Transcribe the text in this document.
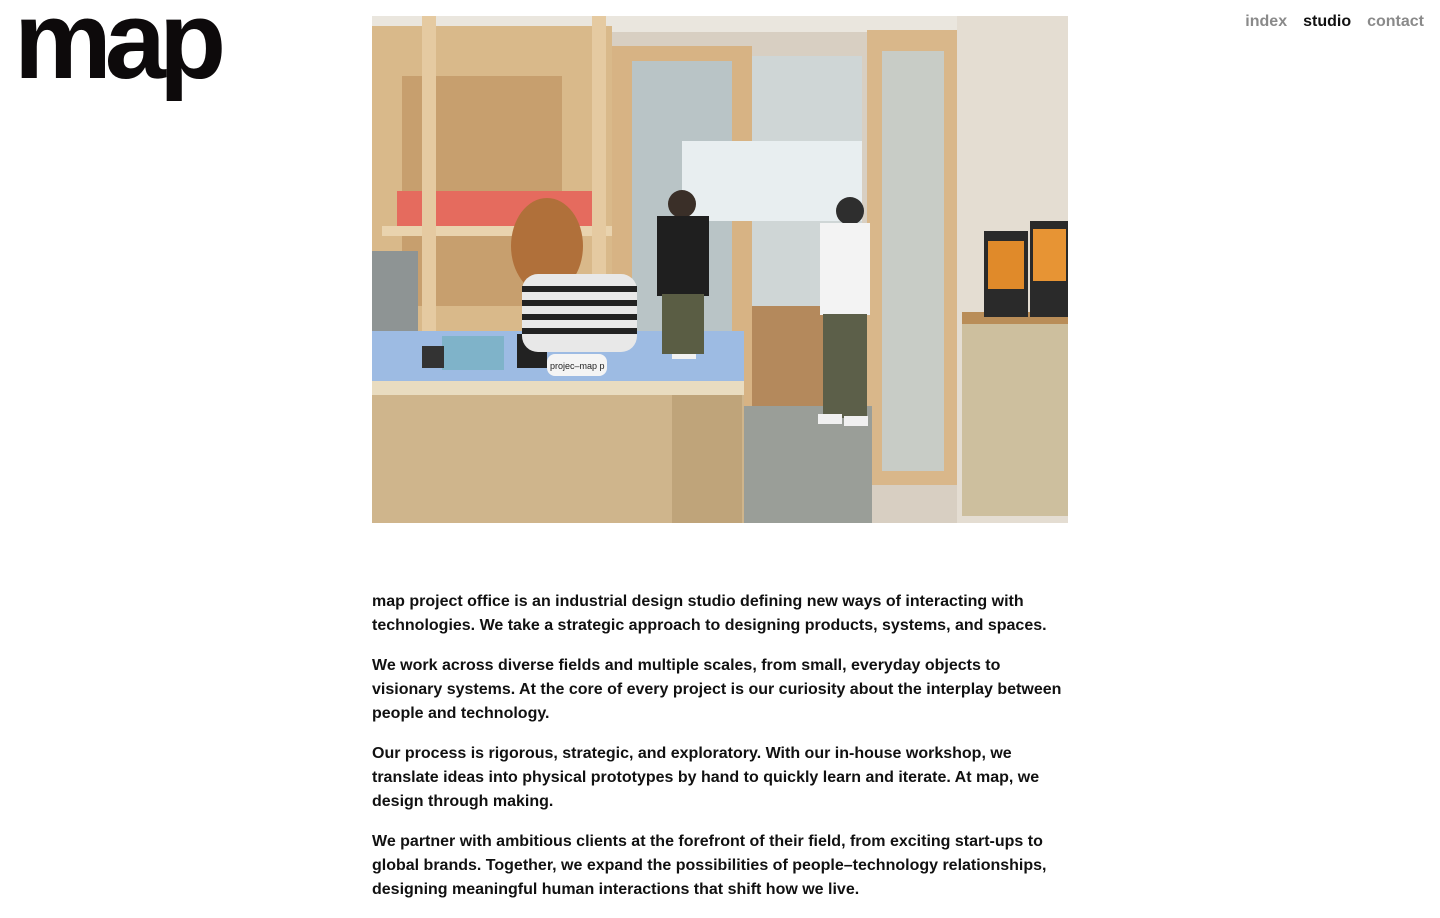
map	index studio contact
projec–map p

map project office is an industrial design studio defining new ways of interacting with technologies. We take a strategic approach to designing products, systems, and spaces.

We work across diverse fields and multiple scales, from small, everyday objects to visionary systems. At the core of every project is our curiosity about the interplay between people and technology.

Our process is rigorous, strategic, and exploratory. With our in-house workshop, we translate ideas into physical prototypes by hand to quickly learn and iterate. At map, we design through making.

We partner with ambitious clients at the forefront of their field, from exciting start-ups to global brands. Together, we expand the possibilities of people–technology relationships, designing meaningful human interactions that shift how we live.
